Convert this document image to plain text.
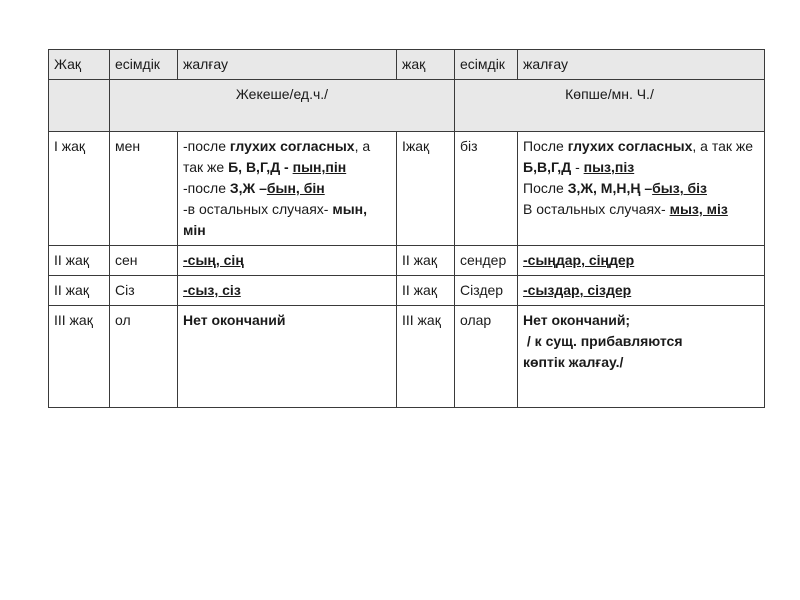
Жақ	есімдік	жалғау	жақ	есімдік	жалғау
	Жекеше/ед.ч./			Көпше/мн. Ч./	
I жақ	мен	-после глухих согласных, а так же Б, В,Г,Д - пын,пін
-после З,Ж –бын, бін
-в остальных случаях- мын, мін	Іжақ	біз	После глухих согласных, а так же Б,В,Г,Д - пыз,піз
После З,Ж, М,Н,Ң –быз, біз
В остальных случаях- мыз, міз

ІІ жақ	сен	-сың, сің	ІІ жақ	сендер	-сыңдар, сіңдер
ІІ жақ	Сіз	-сыз, сіз	ІІ жақ	Сіздер	-сыздар, сіздер
ІІІ жақ	ол	Нет окончаний	ІІІ жақ	олар	Нет окончаний;
/ к сущ. прибавляются
көптік жалғау./
